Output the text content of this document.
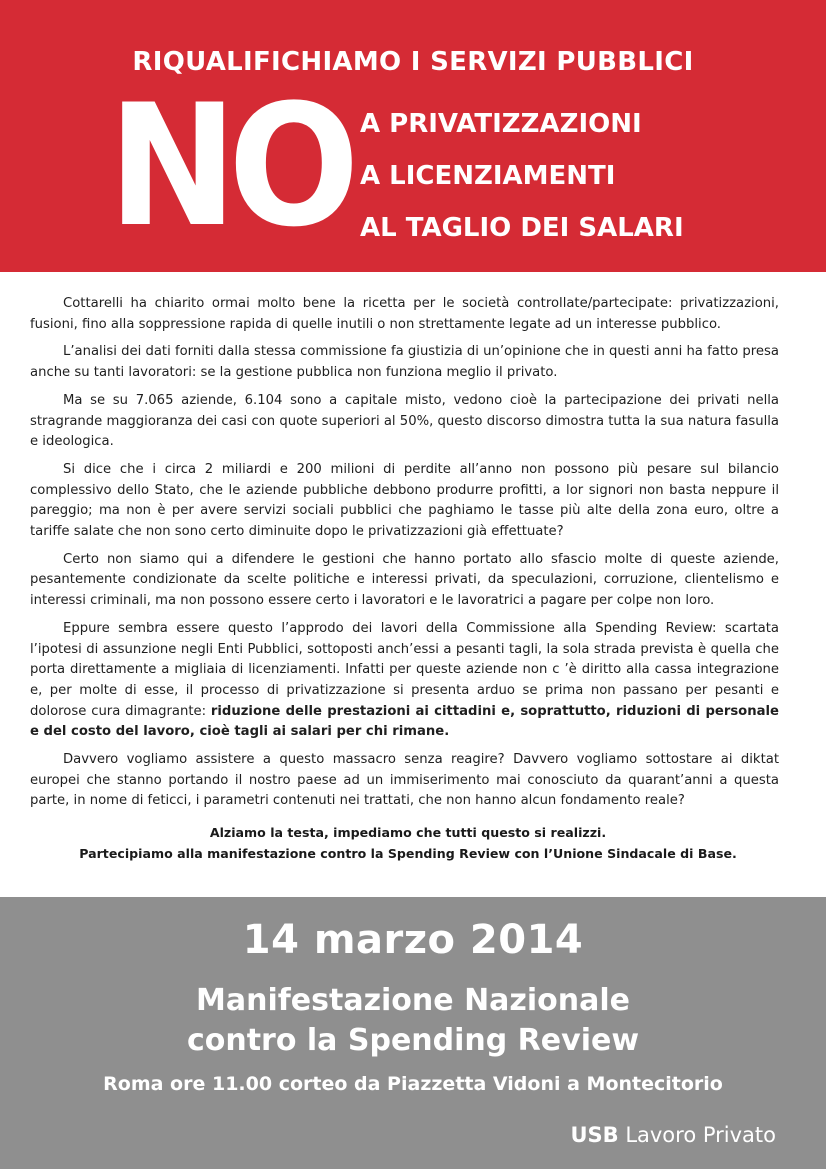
RIQUALIFICHIAMO I SERVIZI PUBBLICI
NO A PRIVATIZZAZIONI
A LICENZIAMENTI
AL TAGLIO DEI SALARI

Cottarelli ha chiarito ormai molto bene la ricetta per le società controllate/partecipate: privatizzazioni, fusioni, fino alla soppressione rapida di quelle inutili o non strettamente legate ad un interesse pubblico.

L’analisi dei dati forniti dalla stessa commissione fa giustizia di un’opinione che in questi anni ha fatto presa anche su tanti lavoratori: se la gestione pubblica non funziona meglio il privato.

Ma se su 7.065 aziende, 6.104 sono a capitale misto, vedono cioè la partecipazione dei privati nella stragrande maggioranza dei casi con quote superiori al 50%, questo discorso dimostra tutta la sua natura fasulla e ideologica.

Si dice che i circa 2 miliardi e 200 milioni di perdite all’anno non possono più pesare sul bilancio complessivo dello Stato, che le aziende pubbliche debbono produrre profitti, a lor signori non basta neppure il pareggio; ma non è per avere servizi sociali pubblici che paghiamo le tasse più alte della zona euro, oltre a tariffe salate che non sono certo diminuite dopo le privatizzazioni già effettuate?

Certo non siamo qui a difendere le gestioni che hanno portato allo sfascio molte di queste aziende, pesantemente condizionate da scelte politiche e interessi privati, da speculazioni, corruzione, clientelismo e interessi criminali, ma non possono essere certo i lavoratori e le lavoratrici a pagare per colpe non loro.

Eppure sembra essere questo l’approdo dei lavori della Commissione alla Spending Review: scartata l’ipotesi di assunzione negli Enti Pubblici, sottoposti anch’essi a pesanti tagli, la sola strada prevista è quella che porta direttamente a migliaia di licenziamenti. Infatti per queste aziende non c ’è diritto alla cassa integrazione e, per molte di esse, il processo di privatizzazione si presenta arduo se prima non passano per pesanti e dolorose cura dimagrante: riduzione delle prestazioni ai cittadini e, soprattutto, riduzioni di personale e del costo del lavoro, cioè tagli ai salari per chi rimane.

Davvero vogliamo assistere a questo massacro senza reagire? Davvero vogliamo sottostare ai diktat europei che stanno portando il nostro paese ad un immiserimento mai conosciuto da quarant’anni a questa parte, in nome di feticci, i parametri contenuti nei trattati, che non hanno alcun fondamento reale?

Alziamo la testa, impediamo che tutti questo si realizzi.
Partecipiamo alla manifestazione contro la Spending Review con l’Unione Sindacale di Base.
14 marzo 2014
Manifestazione Nazionale
contro la Spending Review
Roma ore 11.00 corteo da Piazzetta Vidoni a Montecitorio
USB Lavoro Privato
